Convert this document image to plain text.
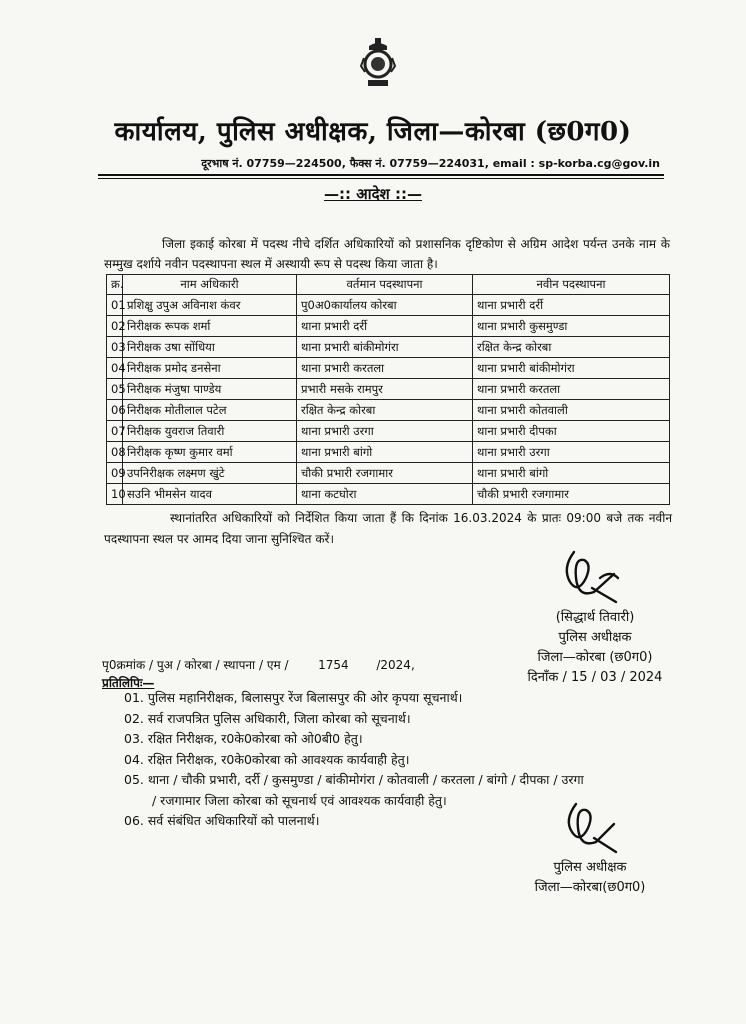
कार्यालय, पुलिस अधीक्षक, जिला—कोरबा (छ0ग0)
दूरभाष नं. 07759—224500, फैक्स नं. 07759—224031, email : sp-korba.cg@gov.in
—:: आदेश ::—
जिला इकाई कोरबा में पदस्थ नीचे दर्शित अधिकारियों को प्रशासनिक दृष्टिकोण से अग्रिम आदेश पर्यन्त उनके नाम के सम्मुख दर्शाये नवीन पदस्थापना स्थल में अस्थायी रूप से पदस्थ किया जाता है।
क्र.	नाम अधिकारी	वर्तमान पदस्थापना	नवीन पदस्थापना
01	प्रशिक्षु उपुअ अविनाश कंवर	पु0अ0कार्यालय कोरबा	थाना प्रभारी दर्री
02	निरीक्षक रूपक शर्मा	थाना प्रभारी दर्री	थाना प्रभारी कुसमुण्डा
03	निरीक्षक उषा सोंधिया	थाना प्रभारी बांकीमोगंरा	रक्षित केन्द्र कोरबा
04	निरीक्षक प्रमोद डनसेना	थाना प्रभारी करतला	थाना प्रभारी बांकीमोगंरा
05	निरीक्षक मंजुषा पाण्डेय	प्रभारी मसके रामपुर	थाना प्रभारी करतला
06	निरीक्षक मोतीलाल पटेल	रक्षित केन्द्र कोरबा	थाना प्रभारी कोतवाली
07	निरीक्षक युवराज तिवारी	थाना प्रभारी उरगा	थाना प्रभारी दीपका
08	निरीक्षक कृष्ण कुमार वर्मा	थाना प्रभारी बांगो	थाना प्रभारी उरगा
09	उपनिरीक्षक लक्ष्मण खुंटे	चौकी प्रभारी रजगामार	थाना प्रभारी बांगो
10	सउनि भीमसेन यादव	थाना कटघोरा	चौकी प्रभारी रजगामार
स्थानांतरित अधिकारियों को निर्देशित किया जाता हैं कि दिनांक 16.03.2024 के प्रातः 09:00 बजे तक नवीन पदस्थापना स्थल पर आमद दिया जाना सुनिश्चित करें।
(सिद्धार्थ तिवारी)
पुलिस अधीक्षक
जिला—कोरबा (छ0ग0)
दिनाँक / 15 / 03 / 2024
पृ0क्रमांक / पुअ / कोरबा / स्थापना / एम / 1754 /2024,
प्रतिलिपिः—
01. पुलिस महानिरीक्षक, बिलासपुर रेंज बिलासपुर की ओर कृपया सूचनार्थ।
02. सर्व राजपत्रित पुलिस अधिकारी, जिला कोरबा को सूचनार्थ।
03. रक्षित निरीक्षक, र0के0कोरबा को ओ0बी0 हेतु।
04. रक्षित निरीक्षक, र0के0कोरबा को आवश्यक कार्यवाही हेतु।
05. थाना / चौकी प्रभारी, दर्री / कुसमुण्डा / बांकीमोगंरा / कोतवाली / करतला / बांगो / दीपका / उरगा
/ रजगामार जिला कोरबा को सूचनार्थ एवं आवश्यक कार्यवाही हेतु।
06. सर्व संबंधित अधिकारियों को पालनार्थ।
पुलिस अधीक्षक
जिला—कोरबा(छ0ग0)
